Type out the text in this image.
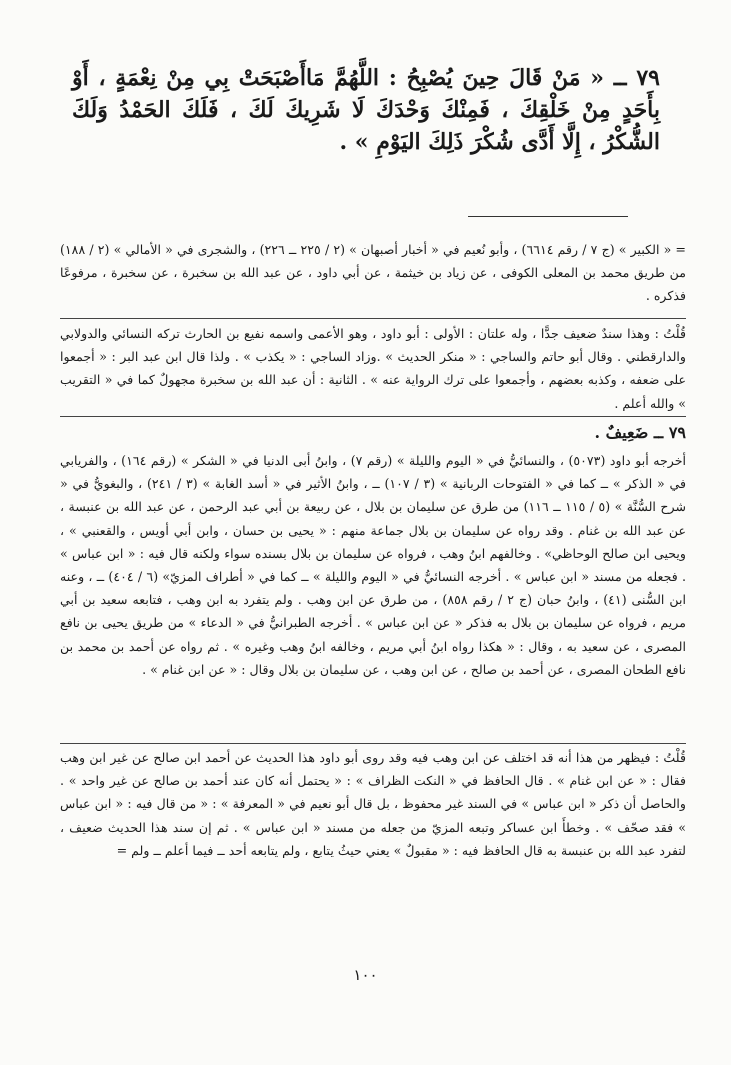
٧٩ ــ « مَنْ قَالَ حِينَ يُصْبِحُ : اللَّهُمَّ مَاأَصْبَحَتْ بِي مِنْ نِعْمَةٍ ، أَوْ بِأَحَدٍ مِنْ خَلْقِكَ ، فَمِنْكَ وَحْدَكَ لَا شَرِيكَ لَكَ ، فَلَكَ الحَمْدُ وَلَكَ الشُّكْرُ ، إِلَّا أَدَّى شُكْرَ ذَلِكَ اليَوْمِ » .

= « الكبير » (ج ٧ / رقم ٦٦١٤) ، وأبو نُعيم في « أخبار أصبهان » (٢ / ٢٢٥ ــ ٢٢٦) ، والشجرى في « الأمالي » (٢ / ١٨٨) من طريق محمد بن المعلى الكوفى ، عن زياد بن خيثمة ، عن أبي داود ، عن عبد الله بن سخبرة ، عن سخبرة ، مرفوعًا فذكره .

قُلْتُ : وهذا سندٌ ضعيف جدًّا ، وله علتان : الأولى : أبو داود ، وهو الأعمى واسمه نفيع بن الحارث تركه النسائي والدولابي والدارقطني . وقال أبو حاتم والساجي : « منكر الحديث » .وزاد الساجي : « يكذب » . ولذا قال ابن عبد البر : « أجمعوا على ضعفه ، وكذبه بعضهم ، وأجمعوا على ترك الرواية عنه » . الثانية : أن عبد الله بن سخبرة مجهولٌ كما في « التقريب » والله أعلم .

٧٩ ــ ضَعِيفٌ .

أخرجه أبو داود (٥٠٧٣) ، والنسائيُّ في « اليوم والليلة » (رقم ٧) ، وابنُ أبى الدنيا في « الشكر » (رقم ١٦٤) ، والفريابي في « الذكر » ــ كما في « الفتوحات الربانية » (٣ / ١٠٧) ــ ، وابنُ الأثير في « أسد الغابة » (٣ / ٢٤١) ، والبغويُّ في « شرح السُّنَّة » (٥ / ١١٥ ــ ١١٦) من طرق عن سليمان بن بلال ، عن ربيعة بن أبي عبد الرحمن ، عن عبد الله بن عنبسة ، عن عبد الله بن غنام . وقد رواه عن سليمان بن بلال جماعة منهم : « يحيى بن حسان ، وابن أبي أويس ، والقعنبي » ، ويحيى ابن صالح الوحاظي» . وخالفهم ابنُ وهب ، فرواه عن سليمان بن بلال بسنده سواء ولكنه قال فيه : « ابن عباس » . فجعله من مسند « ابن عباس » . أخرجه النسائيُّ في « اليوم والليلة » ــ كما في « أطراف المزيّ» (٦ / ٤٠٤) ــ ، وعنه ابن السُّنى (٤١) ، وابنُ حبان (ج ٢ / رقم ٨٥٨) ، من طرق عن ابن وهب . ولم يتفرد به ابن وهب ، فتابعه سعيد بن أبي مريم ، فرواه عن سليمان بن بلال به فذكر « عن ابن عباس » . أخرجه الطبرانيُّ في « الدعاء » من طريق يحيى بن نافع المصرى ، عن سعيد به ، وقال : « هكذا رواه ابنُ أبي مريم ، وخالفه ابنُ وهب وغيره » . ثم رواه عن أحمد بن محمد بن نافع الطحان المصرى ، عن أحمد بن صالح ، عن ابن وهب ، عن سليمان بن بلال وقال : « عن ابن غنام » .

قُلْتُ : فيظهر من هذا أنه قد اختلف عن ابن وهب فيه وقد روى أبو داود هذا الحديث عن أحمد ابن صالح عن غير ابن وهب فقال : « عن ابن غنام » . قال الحافظ في « النكت الظراف » : « يحتمل أنه كان عند أحمد بن صالح عن غير واحد » . والحاصل أن ذكر « ابن عباس » في السند غير محفوظ ، بل قال أبو نعيم في « المعرفة » : « من قال فيه : « ابن عباس » فقد صحّف » . وخطأَ ابن عساكر وتبعه المزيّ من جعله من مسند « ابن عباس » . ثم إن سند هذا الحديث ضعيف ، لتفرد عبد الله بن عنبسة به قال الحافظ فيه : « مقبولٌ » يعني حيثُ يتابع ، ولم يتابعه أحد ــ فيما أعلم ــ ولم =

١٠٠
